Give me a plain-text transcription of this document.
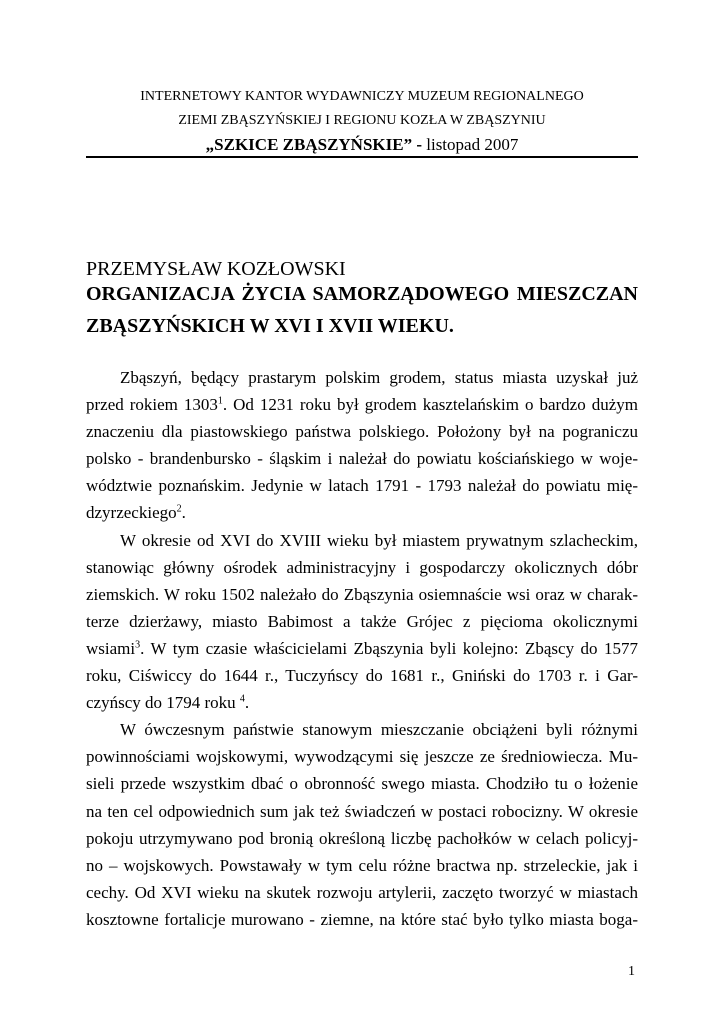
INTERNETOWY KANTOR WYDAWNICZY MUZEUM REGIONALNEGO
ZIEMI ZBĄSZYŃSKIEJ I REGIONU KOZŁA W ZBĄSZYNIU
„SZKICE ZBĄSZYŃSKIE” - listopad 2007
PRZEMYSŁAW KOZŁOWSKI
ORGANIZACJA ŻYCIA SAMORZĄDOWEGO MIESZCZAN
ZBĄSZYŃSKICH W XVI I XVII WIEKU.
Zbąszyń, będący prastarym polskim grodem, status miasta uzyskał już
przed rokiem 1303$^1$. Od 1231 roku był grodem kasztelańskim o bardzo dużym
znaczeniu dla piastowskiego państwa polskiego. Położony był na pograniczu
polsko - brandenbursko - śląskim i należał do powiatu kościańskiego w woje-
wództwie poznańskim. Jedynie w latach 1791 - 1793 należał do powiatu mię-
dzyrzeckiego$^2$.
W okresie od XVI do XVIII wieku był miastem prywatnym szlacheckim,
stanowiąc główny ośrodek administracyjny i gospodarczy okolicznych dóbr
ziemskich. W roku 1502 należało do Zbąszynia osiemnaście wsi oraz w charak-
terze dzierżawy, miasto Babimost a także Grójec z pięcioma okolicznymi
wsiami$^3$. W tym czasie właścicielami Zbąszynia byli kolejno: Zbąscy do 1577
roku, Ciświccy do 1644 r., Tuczyńscy do 1681 r., Gniński do 1703 r. i Gar-
czyńscy do 1794 roku $^4$.
W ówczesnym państwie stanowym mieszczanie obciążeni byli różnymi
powinnościami wojskowymi, wywodzącymi się jeszcze ze średniowiecza. Mu-
sieli przede wszystkim dbać o obronność swego miasta. Chodziło tu o łożenie
na ten cel odpowiednich sum jak też świadczeń w postaci robocizny. W okresie
pokoju utrzymywano pod bronią określoną liczbę pachołków w celach policyj-
no – wojskowych. Powstawały w tym celu różne bractwa np. strzeleckie, jak i
cechy. Od XVI wieku na skutek rozwoju artylerii, zaczęto tworzyć w miastach
kosztowne fortalicje murowano - ziemne, na które stać było tylko miasta boga-
1
